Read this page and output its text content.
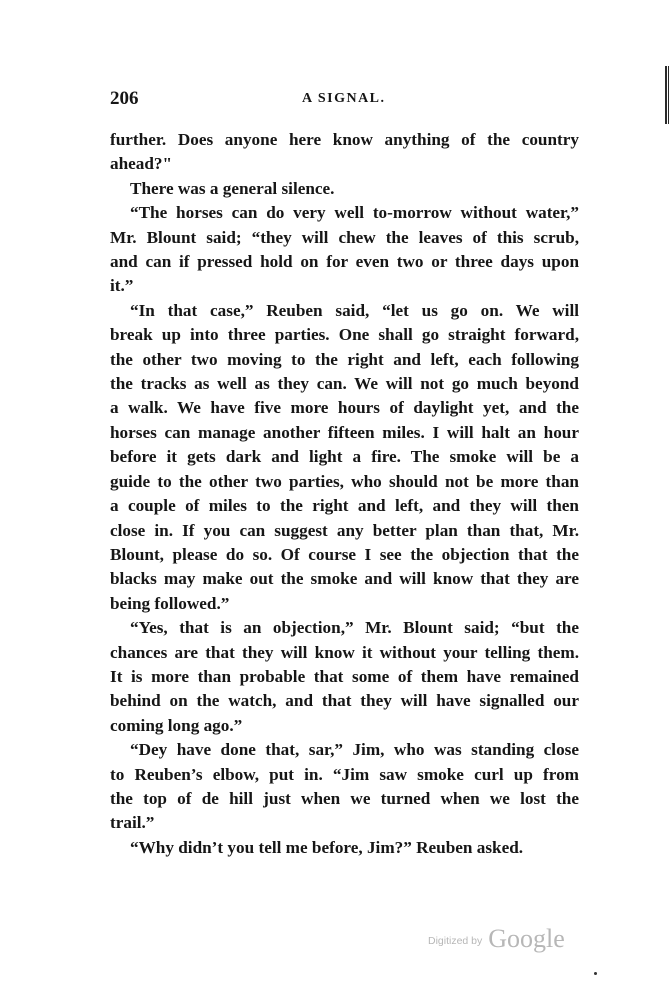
206	A SIGNAL.
further. Does anyone here know anything of the country
ahead?"
There was a general silence.
“The horses can do very well to-morrow without water,”
Mr. Blount said; “they will chew the leaves of this scrub,
and can if pressed hold on for even two or three days upon
it.”
“In that case,” Reuben said, “let us go on. We will
break up into three parties. One shall go straight forward,
the other two moving to the right and left, each following
the tracks as well as they can. We will not go much beyond
a walk. We have five more hours of daylight yet, and the
horses can manage another fifteen miles. I will halt an hour
before it gets dark and light a fire. The smoke will be a
guide to the other two parties, who should not be more than
a couple of miles to the right and left, and they will then
close in. If you can suggest any better plan than that, Mr.
Blount, please do so. Of course I see the objection that the
blacks may make out the smoke and will know that they are
being followed.”
“Yes, that is an objection,” Mr. Blount said; “but the
chances are that they will know it without your telling them.
It is more than probable that some of them have remained
behind on the watch, and that they will have signalled our
coming long ago.”
“Dey have done that, sar,” Jim, who was standing close
to Reuben’s elbow, put in. “Jim saw smoke curl up from
the top of de hill just when we turned when we lost the
trail.”
“Why didn’t you tell me before, Jim?” Reuben asked.
Digitized by Google
